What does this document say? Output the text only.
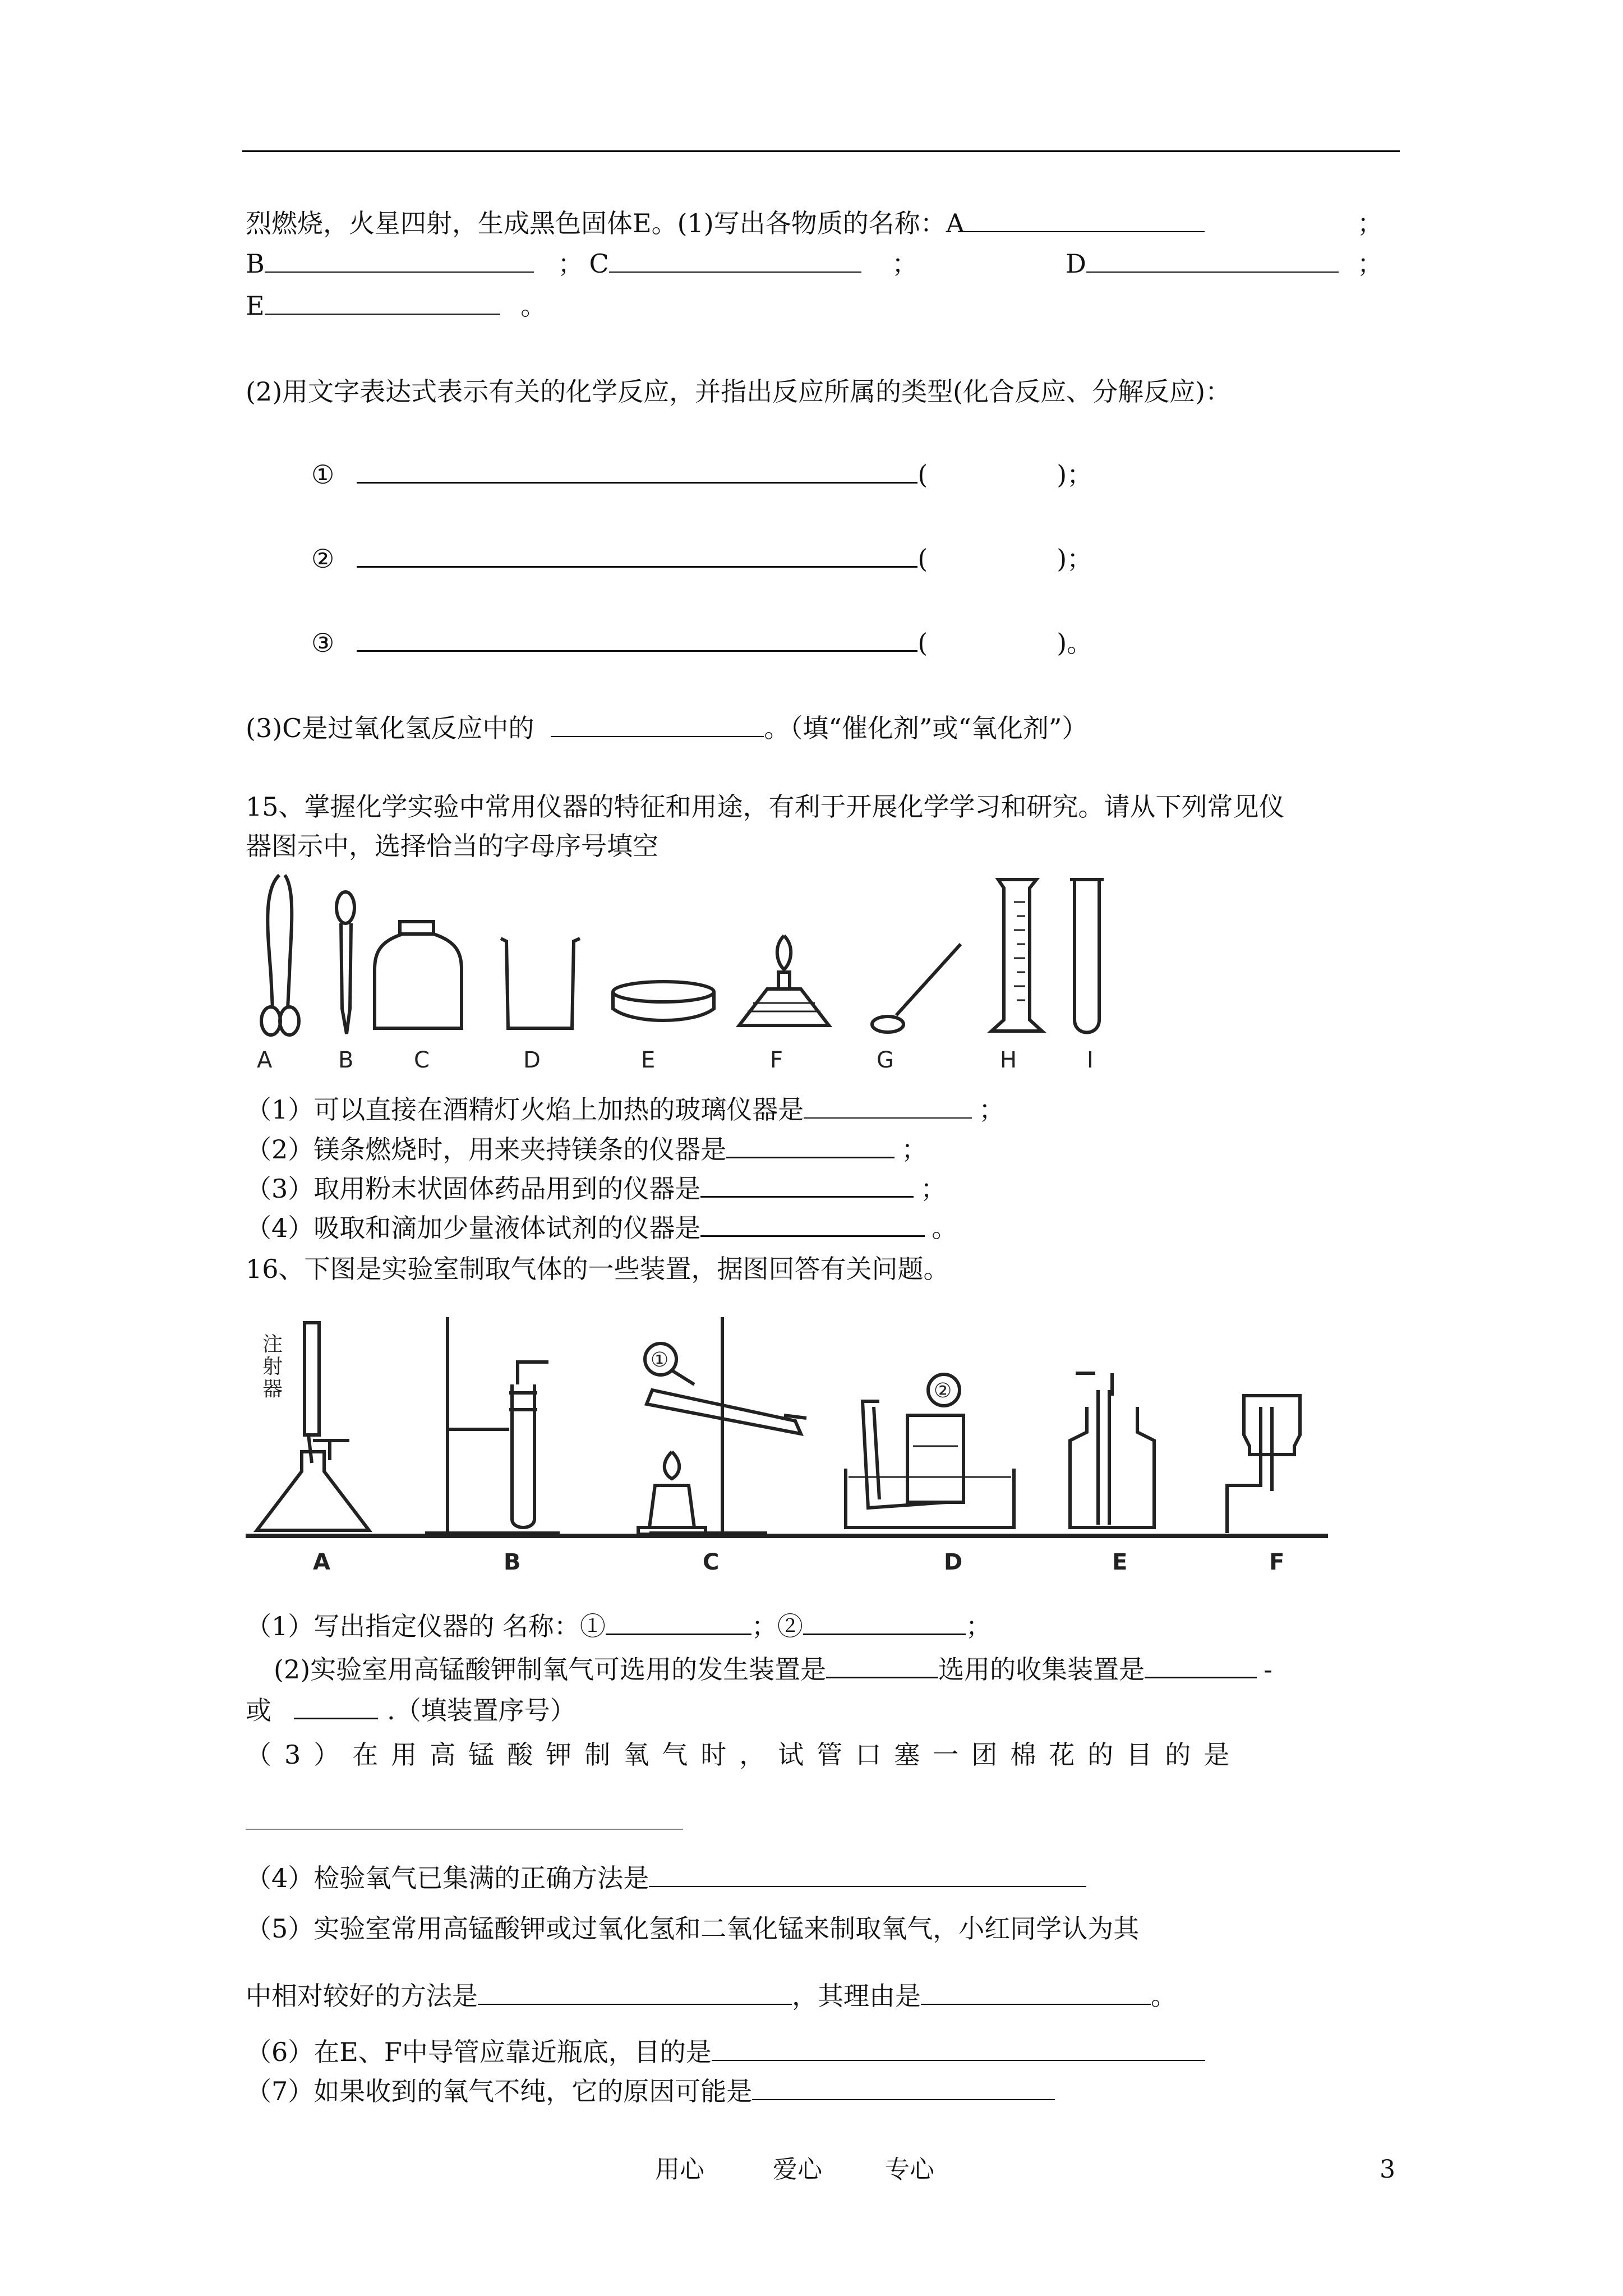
烈燃烧，火星四射，生成黑色固体E。(1)写出各物质的名称：A	；
B	； C	；	D	；
E	。
(2)用文字表达式表示有关的化学反应，并指出反应所属的类型(化合反应、分解反应)：
①	(	)；
②	(	)；
③	(	)。
(3)C是过氧化氢反应中的	。（填“催化剂”或“氧化剂”）
15、掌握化学实验中常用仪器的特征和用途，有利于开展化学学习和研究。请从下列常见仪
器图示中，选择恰当的字母序号填空
A	B	C	D	E	F	G	H	I
（1）可以直接在酒精灯火焰上加热的玻璃仪器是	；
（2）镁条燃烧时，用来夹持镁条的仪器是	；
（3）取用粉末状固体药品用到的仪器是	；
（4）吸取和滴加少量液体试剂的仪器是	。
16、下图是实验室制取气体的一些装置，据图回答有关问题。
注
射
器
①
②
A	B	C	D	E	F
（1）写出指定仪器的 名称：①	；②	；
(2)实验室用高锰酸钾制氧气可选用的发生装置是	选用的收集装置是	-
或	.（填装置序号）
（3）在用高锰酸钾制氧气时，试管口塞一团棉花的目的是
（4）检验氧气已集满的正确方法是
（5）实验室常用高锰酸钾或过氧化氢和二氧化锰来制取氧气，小红同学认为其
中相对较好的方法是	，其理由是	。
（6）在E、F中导管应靠近瓶底，目的是
（7）如果收到的氧气不纯，它的原因可能是
用心	爱心	专心	3
